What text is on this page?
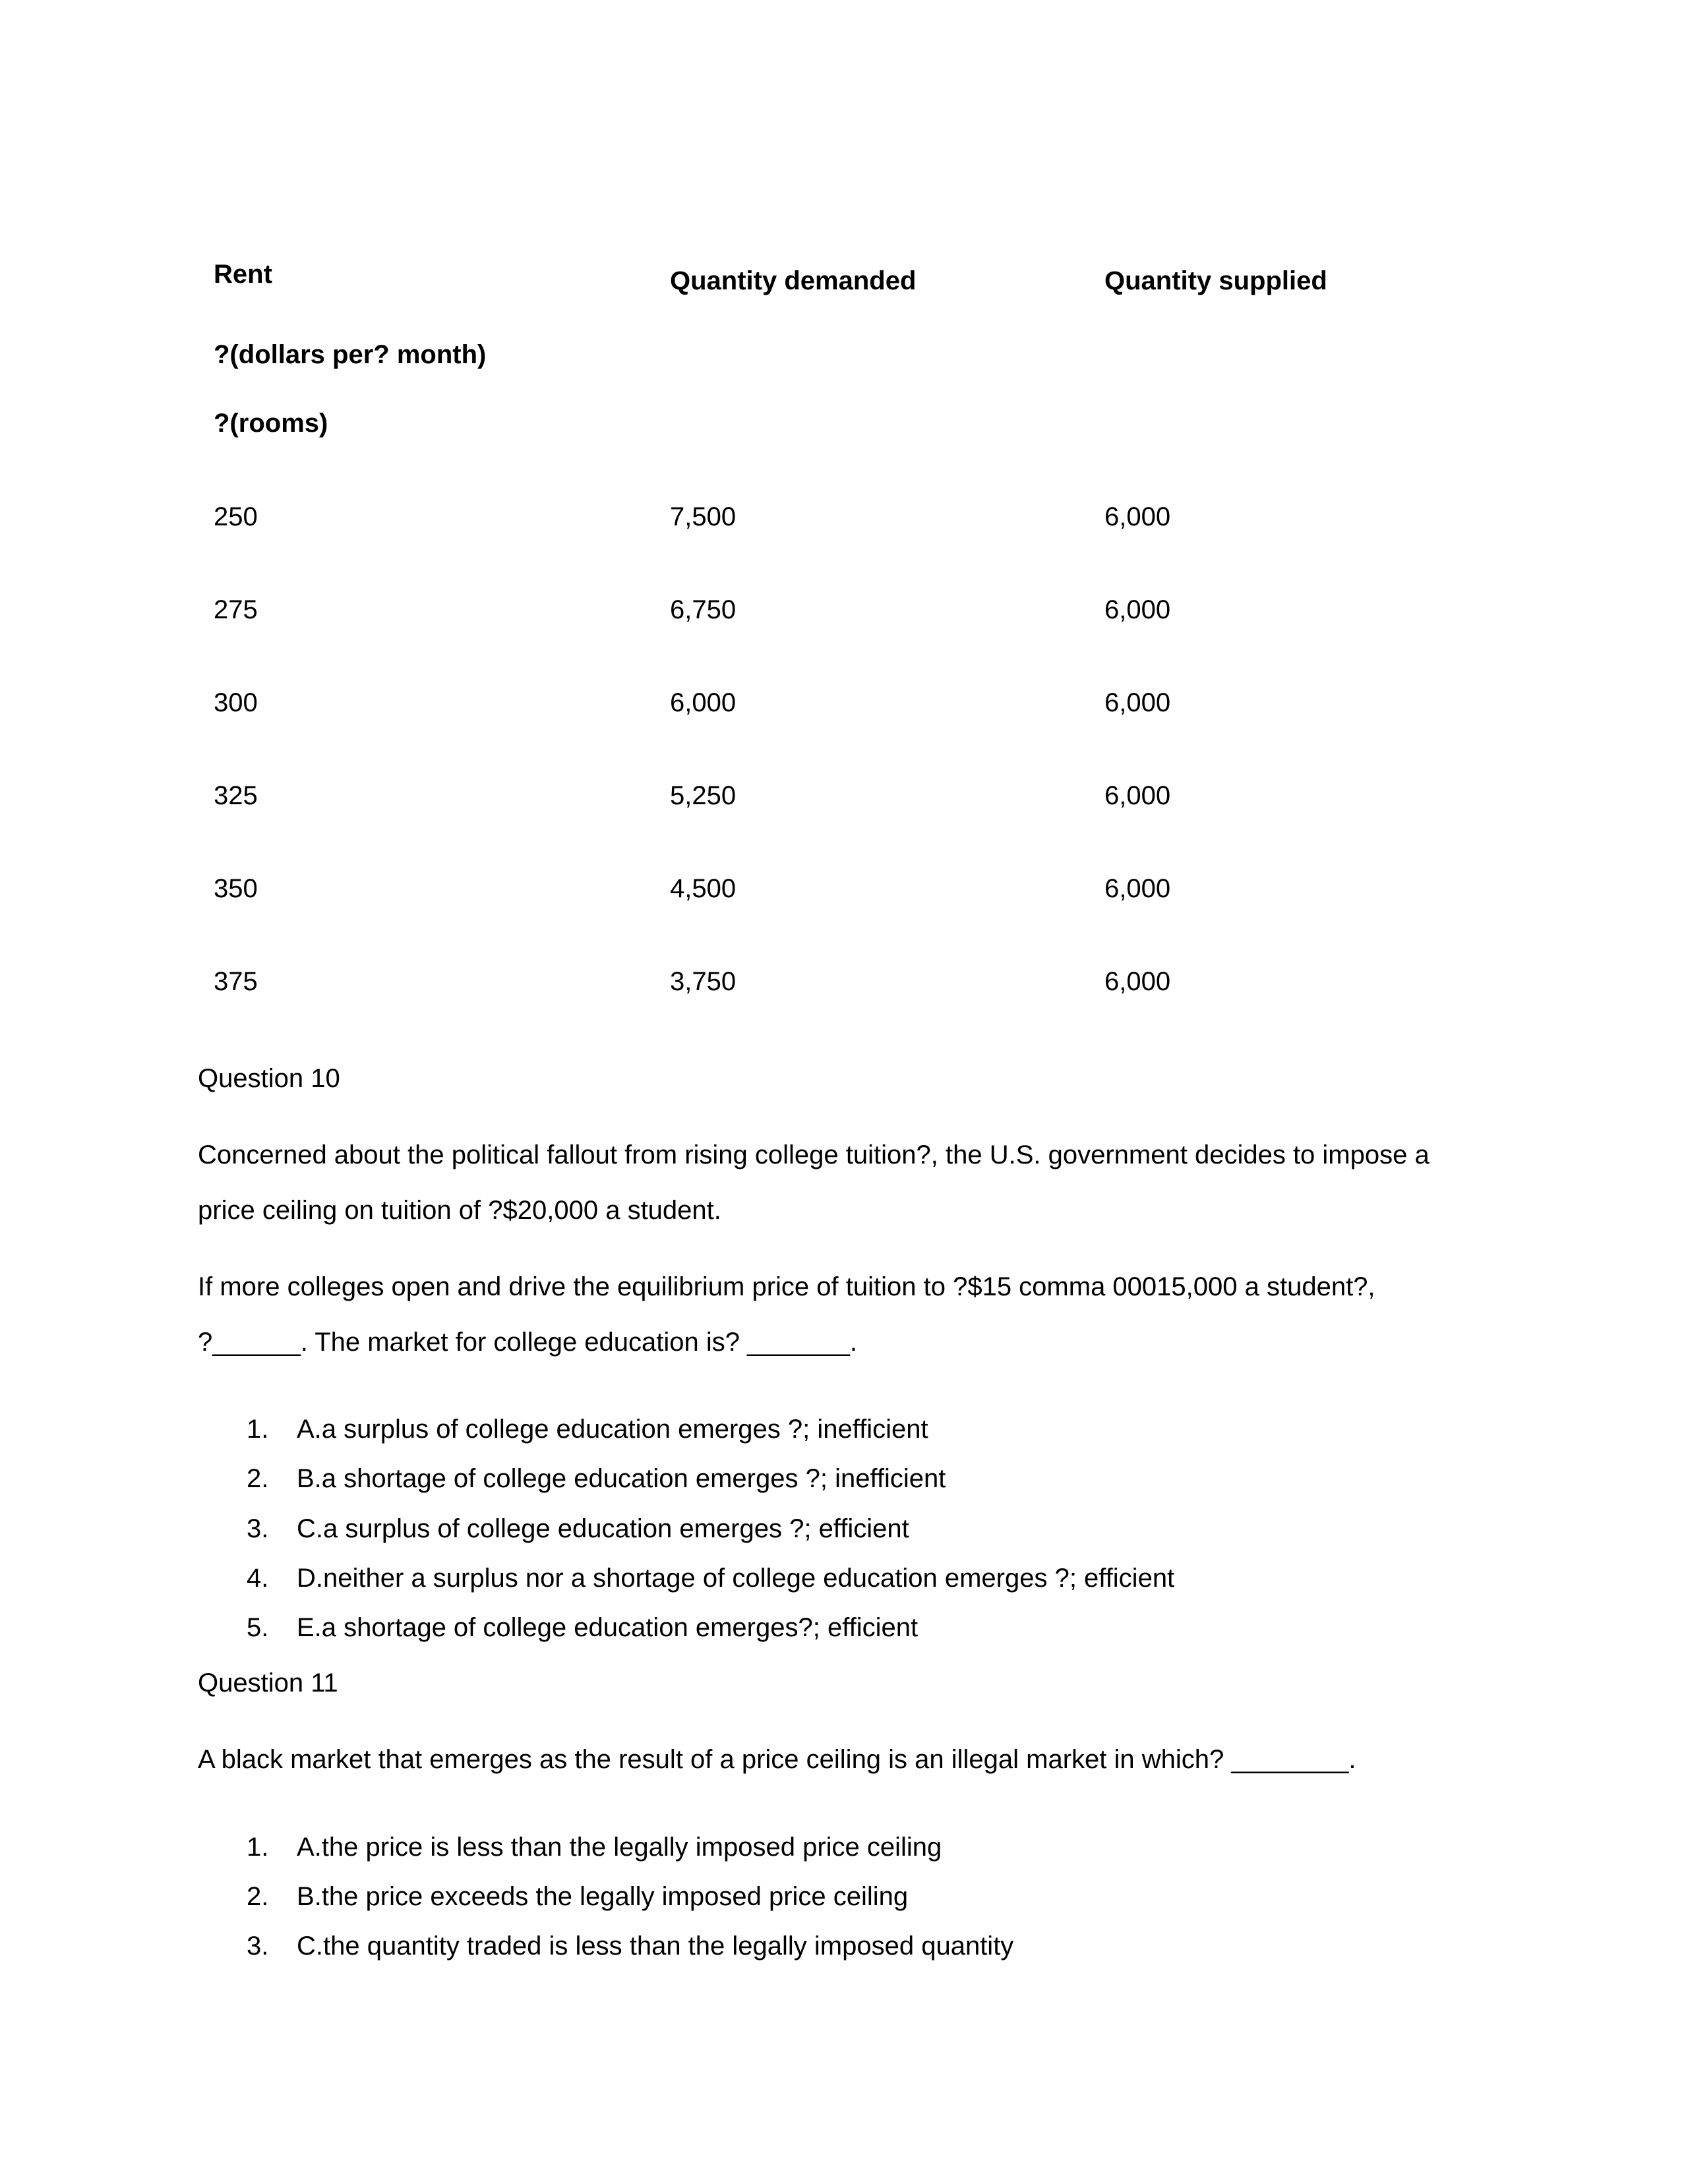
Rent	Quantity demanded	Quantity supplied
?(dollars per? month)
?(rooms)
250	7,500	6,000
275	6,750	6,000
300	6,000	6,000
325	5,250	6,000
350	4,500	6,000
375	3,750	6,000
Question 10
Concerned about the political fallout from rising college tuition?, the U.S. government decides to impose a
price ceiling on tuition of ?$20,000 a student.
If more colleges open and drive the equilibrium price of tuition to ?$15 comma 00015,000 a student?,
?______. The market for college education is? _______.
1. A.a surplus of college education emerges ?; inefficient
2. B.a shortage of college education emerges ?; inefficient
3. C.a surplus of college education emerges ?; efficient
4. D.neither a surplus nor a shortage of college education emerges ?; efficient
5. E.a shortage of college education emerges?; efficient
Question 11
A black market that emerges as the result of a price ceiling is an illegal market in which? ________.
1. A.the price is less than the legally imposed price ceiling
2. B.the price exceeds the legally imposed price ceiling
3. C.the quantity traded is less than the legally imposed quantity
